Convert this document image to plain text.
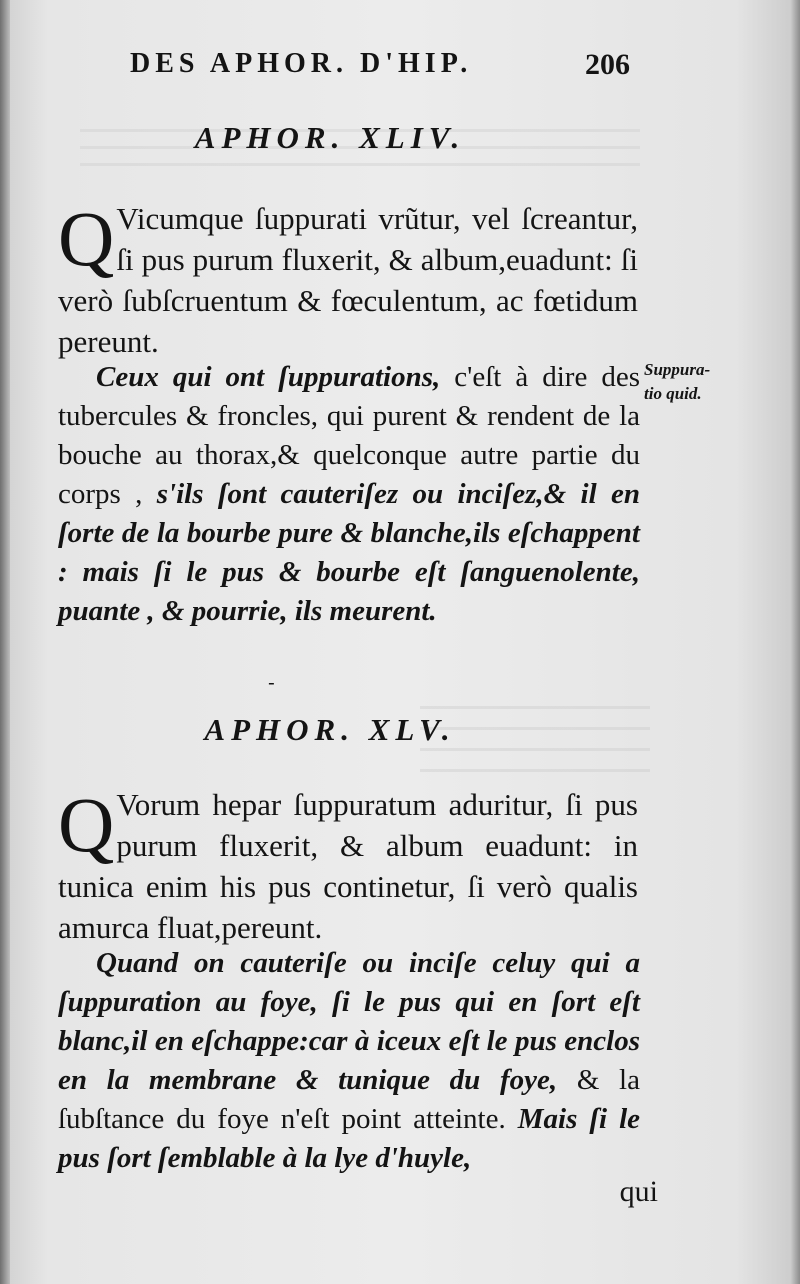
DES APHOR. D'HIP.	206
APHOR. XLIV.

Q Vicumque ſuppurati vrũtur, vel ſcreantur, ſi pus purum fluxerit, & album,euadunt: ſi verò ſubſcruentum & fœculentum, ac fœtidum pereunt.

Ceux qui ont ſuppurations, c'eſt à dire des tubercules & froncles, qui purent & rendent de la bouche au thorax,& quelconque autre partie du corps , s'ils ſont cauteriſez ou inciſez,& il en ſorte de la bourbe pure & blanche,ils eſchappent : mais ſi le pus & bourbe eſt ſanguenolente, puante , & pourrie, ils meurent.

Suppura-
tio quid.
-
APHOR. XLV.

Q Vorum hepar ſuppuratum aduritur, ſi pus purum fluxerit, & album euadunt: in tunica enim his pus continetur, ſi verò qualis amurca fluat,pereunt.

Quand on cauteriſe ou inciſe celuy qui a ſuppuration au foye, ſi le pus qui en ſort eſt blanc,il en eſchappe:car à iceux eſt le pus enclos en la membrane & tunique du foye, & la ſubſtance du foye n'eſt point atteinte. Mais ſi le pus ſort ſemblable à la lye d'huyle,

qui
